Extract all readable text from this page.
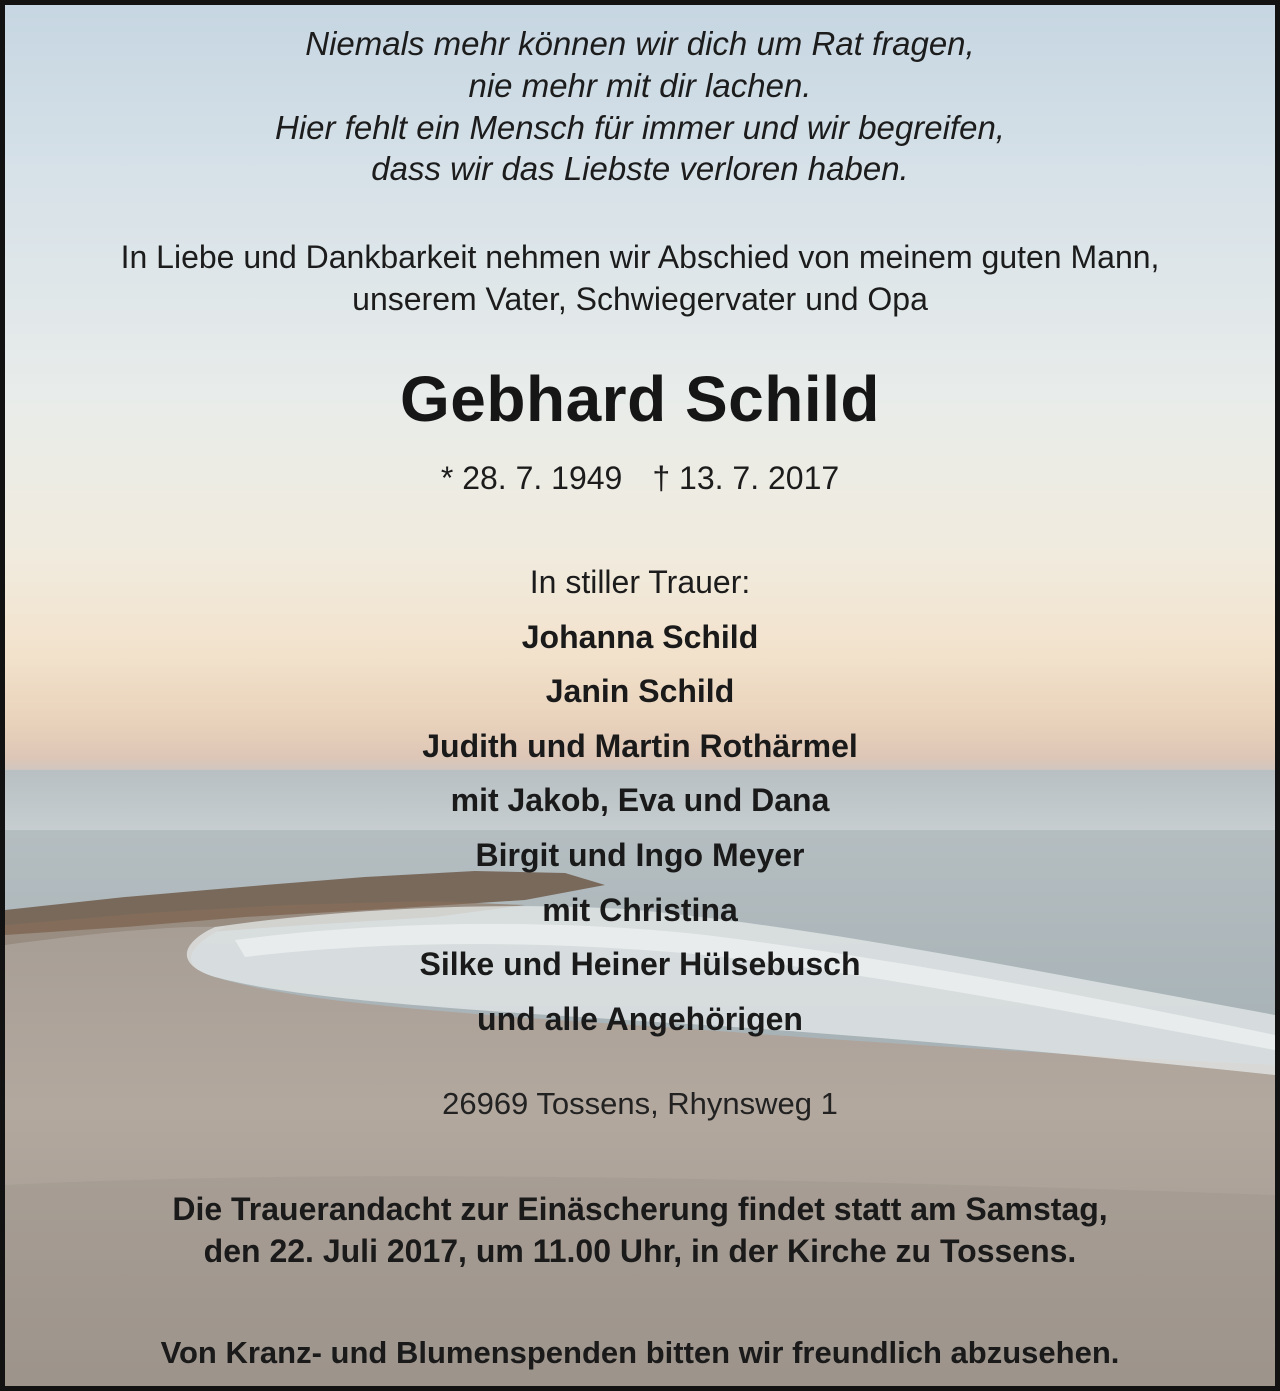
Niemals mehr können wir dich um Rat fragen,

nie mehr mit dir lachen.

Hier fehlt ein Mensch für immer und wir begreifen,

dass wir das Liebste verloren haben.

In Liebe und Dankbarkeit nehmen wir Abschied von meinem guten Mann,

unserem Vater, Schwiegervater und Opa

Gebhard Schild

* 28. 7. 1949 † 13. 7. 2017

In stiller Trauer:

Johanna Schild

Janin Schild

Judith und Martin Rothärmel

mit Jakob, Eva und Dana

Birgit und Ingo Meyer

mit Christina

Silke und Heiner Hülsebusch

und alle Angehörigen

26969 Tossens, Rhynsweg 1

Die Trauerandacht zur Einäscherung findet statt am Samstag,

den 22. Juli 2017, um 11.00 Uhr, in der Kirche zu Tossens.

Von Kranz- und Blumenspenden bitten wir freundlich abzusehen.
